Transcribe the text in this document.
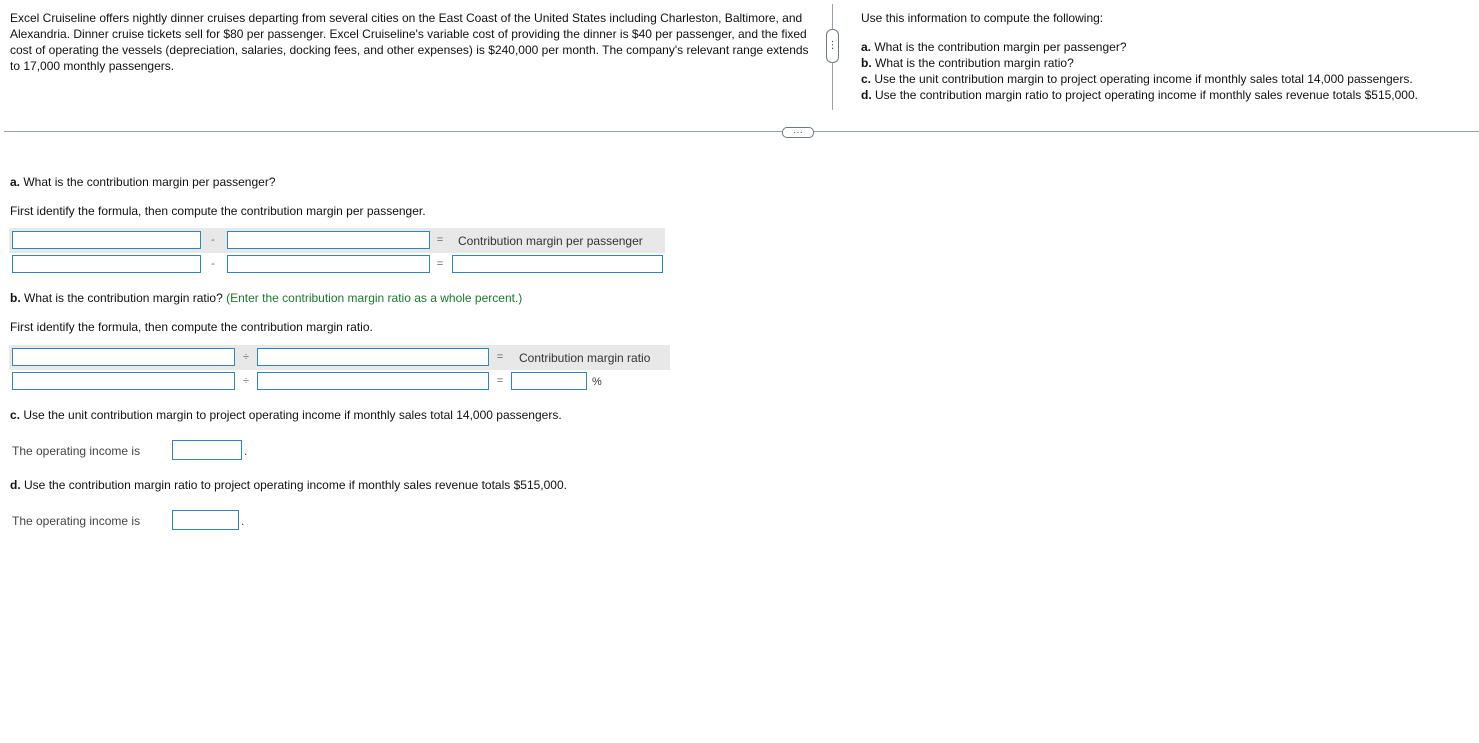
Excel Cruiseline offers nightly dinner cruises departing from several cities on the East Coast of the United States including Charleston, Baltimore, and Alexandria. Dinner cruise tickets sell for $80 per passenger. Excel Cruiseline's variable cost of providing the dinner is $40 per passenger, and the fixed cost of operating the vessels (depreciation, salaries, docking fees, and other expenses) is $240,000 per month. The company's relevant range extends to 17,000 monthly passengers.
⋮
Use this information to compute the following:
a. What is the contribution margin per passenger?
b. What is the contribution margin ratio?
c. Use the unit contribution margin to project operating income if monthly sales total 14,000 passengers.
d. Use the contribution margin ratio to project operating income if monthly sales revenue totals $515,000.
···
a. What is the contribution margin per passenger?
First identify the formula, then compute the contribution margin per passenger.
-	= Contribution margin per passenger
-	=
b. What is the contribution margin ratio? (Enter the contribution margin ratio as a whole percent.)
First identify the formula, then compute the contribution margin ratio.
÷	= Contribution margin ratio
÷	=	%
c. Use the unit contribution margin to project operating income if monthly sales total 14,000 passengers.
The operating income is	.
d. Use the contribution margin ratio to project operating income if monthly sales revenue totals $515,000.
The operating income is	.
